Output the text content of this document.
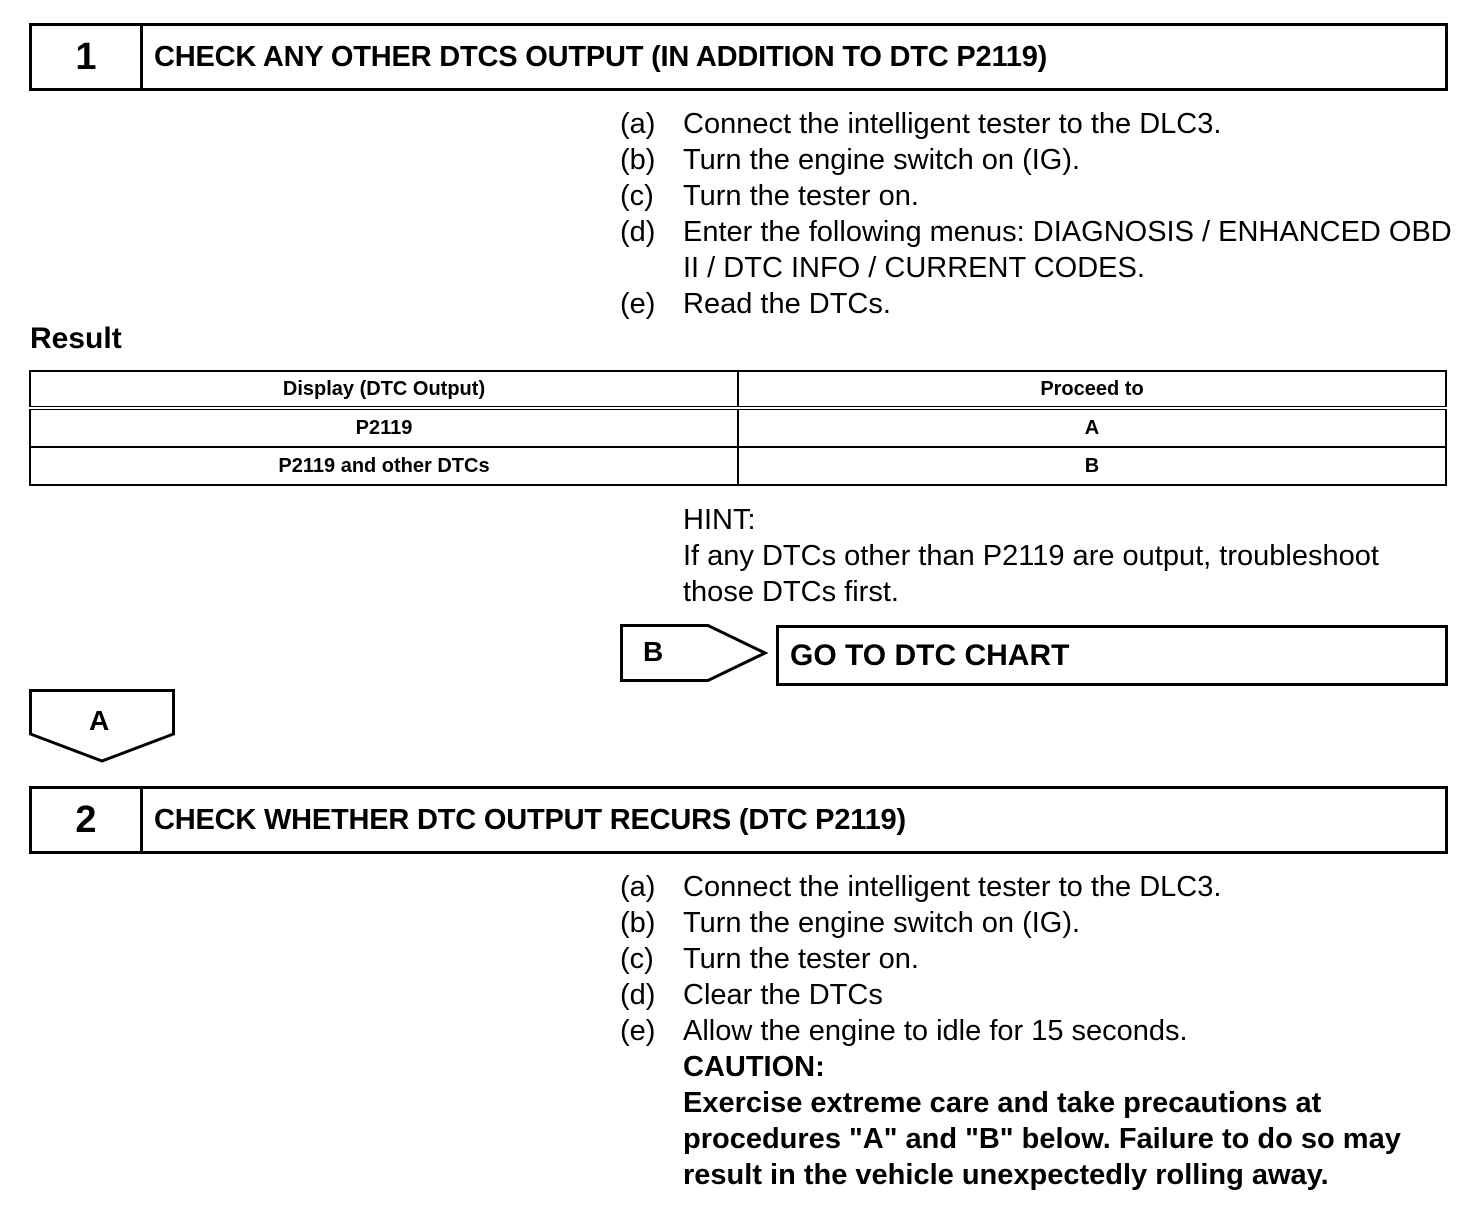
1	CHECK ANY OTHER DTCS OUTPUT (IN ADDITION TO DTC P2119)
(a) Connect the intelligent tester to the DLC3.
(b) Turn the engine switch on (IG).
(c)	Turn the tester on.
(d) Enter the following menus: DIAGNOSIS / ENHANCED OBD II / DTC INFO / CURRENT CODES.
(e) Read the DTCs.
Result
Display (DTC Output)	Proceed to
P2119	A
P2119 and other DTCs	B
HINT:
If any DTCs other than P2119 are output, troubleshoot those DTCs first.
B	GO TO DTC CHART
A
2	CHECK WHETHER DTC OUTPUT RECURS (DTC P2119)
(a) Connect the intelligent tester to the DLC3.
(b) Turn the engine switch on (IG).
(c)	Turn the tester on.
(d) Clear the DTCs
(e) Allow the engine to idle for 15 seconds.
CAUTION:
Exercise extreme care and take precautions at procedures "A" and "B" below. Failure to do so may result in the vehicle unexpectedly rolling away.
